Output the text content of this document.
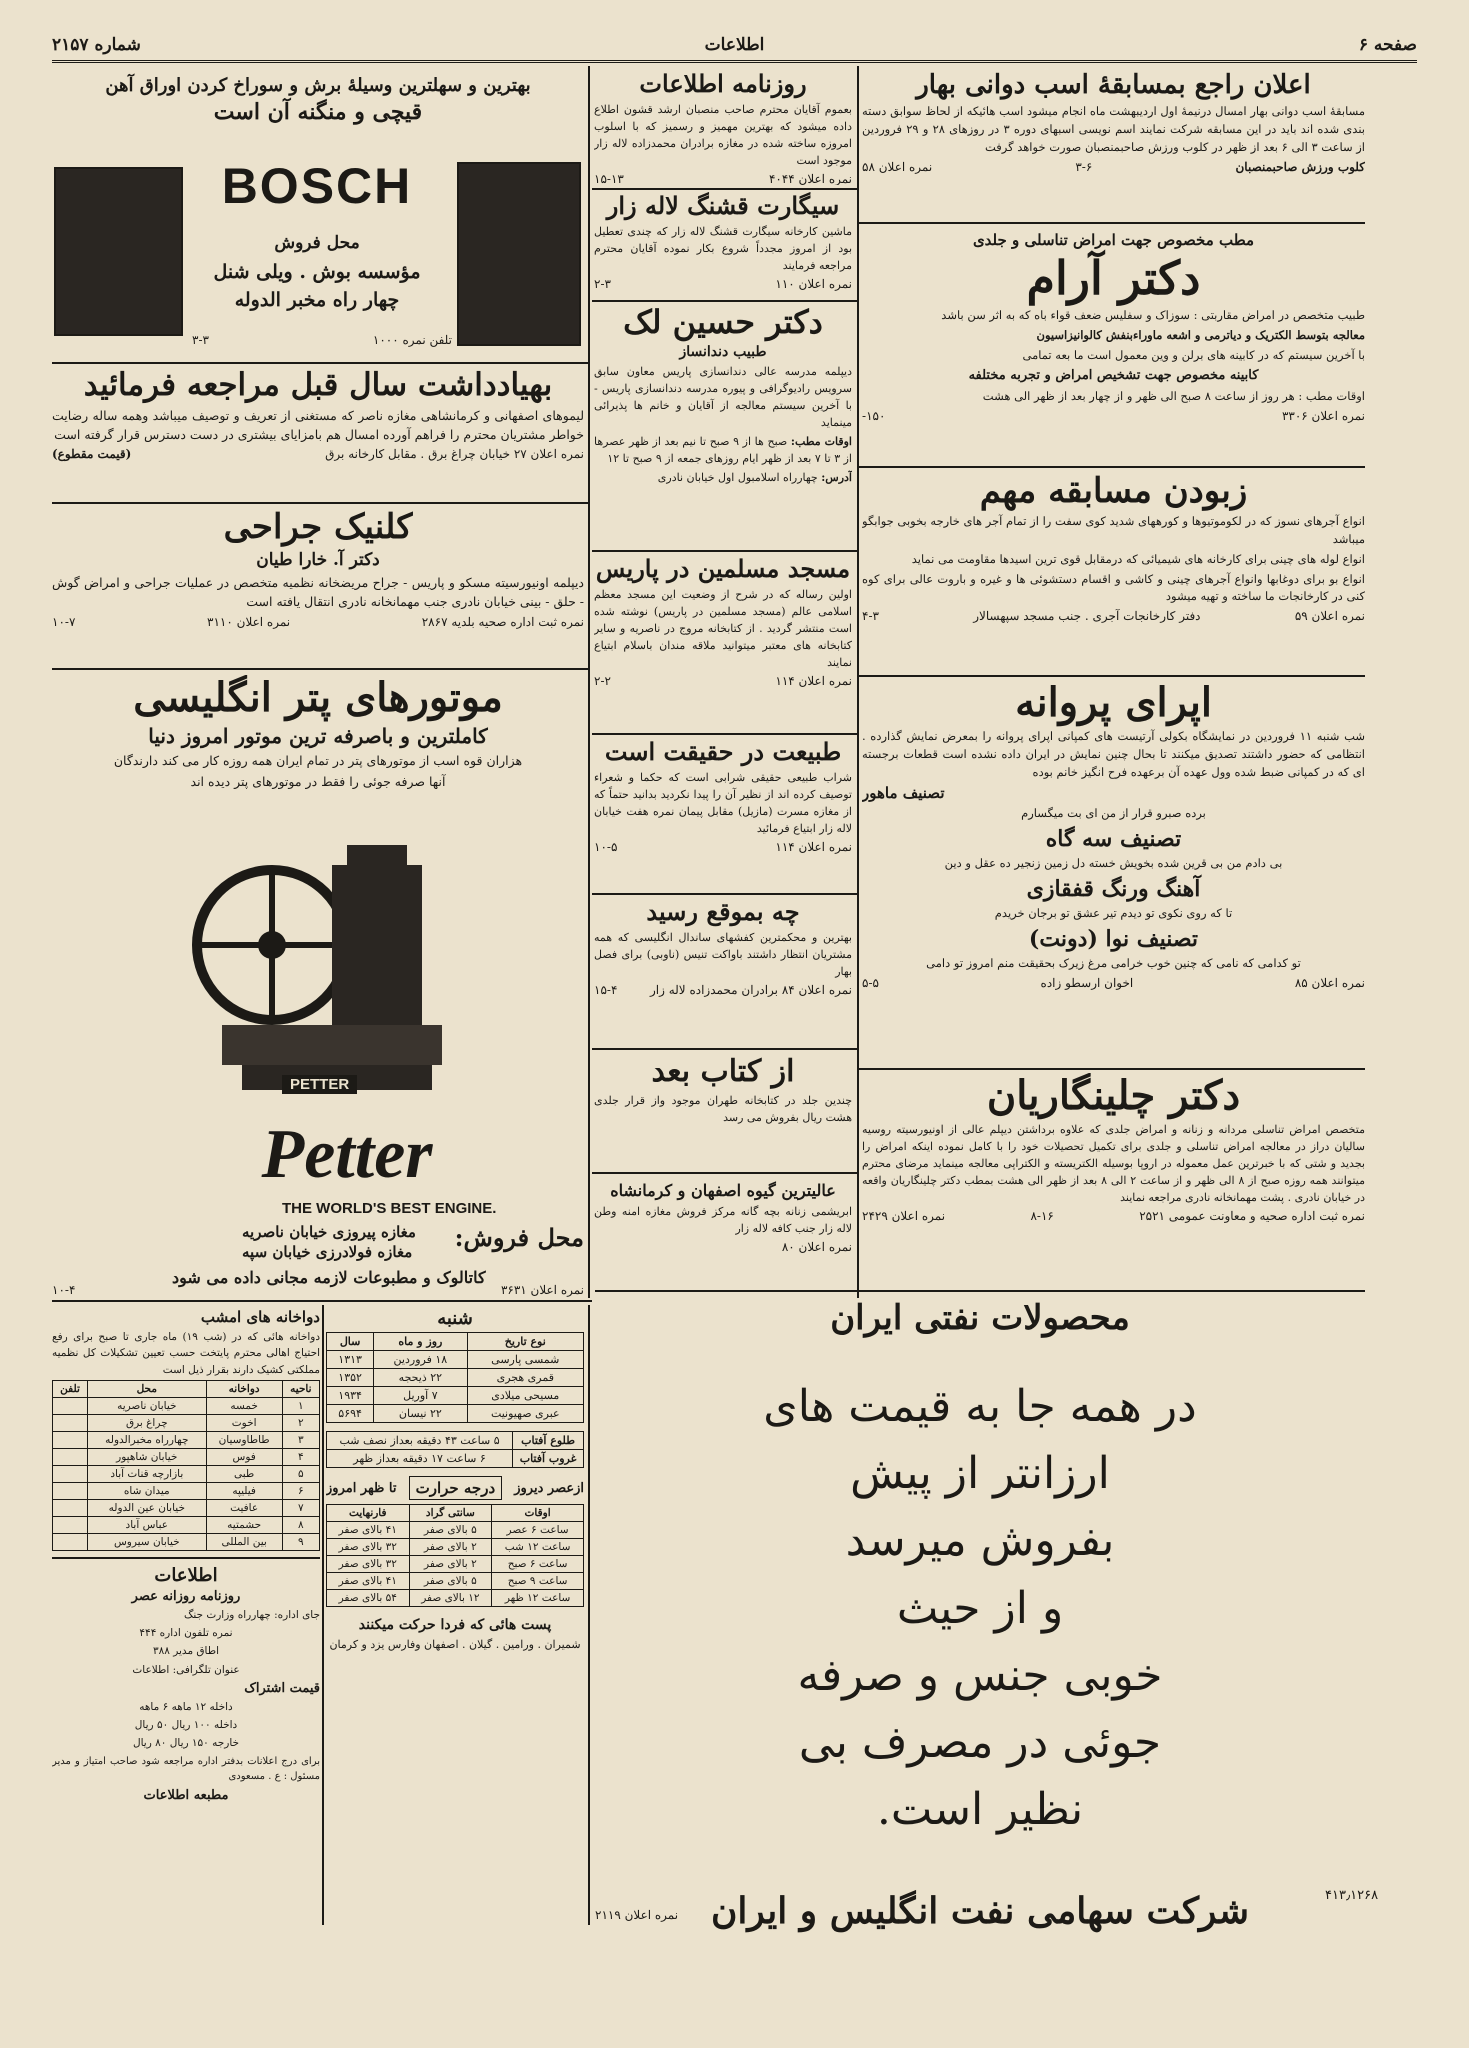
صفحه ۶
اطلاعات
شماره ۲۱۵۷
بهترین و سهلترین وسیلهٔ برش و سوراخ کردن اوراق آهن
قیچی و منگنه آن است
BOSCH
محل فروش
مؤسسه بوش . ویلی شنل
چهار راه مخبر الدوله
تلفن نمره ۱۰۰۰
۳-۳
بهیادداشت سال قبل مراجعه فرمائید

لیموهای اصفهانی و کرمانشاهی مغازه ناصر که مستغنی از تعریف و توصیف میباشد وهمه ساله رضایت خواطر مشتریان محترم را فراهم آورده امسال هم بامزایای بیشتری در دست دسترس قرار گرفته است

نمره اعلان ۲۷ خیابان چراغ برق . مقابل کارخانه برق
(قیمت مقطوع)
کلنیک جراحی
دکتر آ. خارا طیان

دیپلمه اونیورسیته مسکو و پاریس - جراح مریضخانه نظمیه متخصص در عملیات جراحی و امراض گوش - حلق - بینی خیابان نادری جنب مهمانخانه نادری انتقال یافته است

نمره ثبت اداره صحیه بلدیه ۲۸۶۷
نمره اعلان ۳۱۱۰
۱۰-۷
موتورهای پتر انگلیسی
کاملترین و باصرفه ترین موتور امروز دنیا

هزاران قوه اسب از موتورهای پتر در تمام ایران همه روزه کار می کند دارندگان

آنها صرفه جوئی را فقط در موتورهای پتر دیده اند

PETTER
Petter
THE WORLD'S BEST ENGINE.
محل فروش:
مغازه پیروزی خیابان ناصریه
مغازه فولادرزی خیابان سپه
کاتالوک و مطبوعات لازمه مجانی داده می شود
نمره اعلان ۳۶۳۱
۱۰-۴
روزنامه اطلاعات

بعموم آقایان محترم صاحب منصبان ارشد قشون اطلاع داده میشود که بهترین مهمیز و رسمیز که با اسلوب امروزه ساخته شده در مغازه برادران محمدزاده لاله زار موجود است

نمره اعلان ۴۰۴۴
۱۵-۱۳
سیگارت قشنگ لاله زار

ماشین کارخانه سیگارت قشنگ لاله زار که چندی تعطیل بود از امروز مجدداً شروع بکار نموده آقایان محترم مراجعه فرمایند

نمره اعلان ۱۱۰
۲-۳
دکتر حسین لک
طبیب دندانساز

دیپلمه مدرسه عالی دندانسازی پاریس معاون سابق سرویس رادیوگرافی و پیوره مدرسه دندانسازی پاریس - با آخرین سیستم معالجه از آقایان و خانم ها پذیرائی مینماید

اوقات مطب: صبح ها از ۹ صبح تا نیم بعد از ظهر عصرها از ۳ تا ۷ بعد از ظهر ایام روزهای جمعه از ۹ صبح تا ۱۲

آدرس: چهارراه اسلامبول اول خیابان نادری

مسجد مسلمین در پاریس

اولین رساله که در شرح از وضعیت این مسجد معظم اسلامی عالم (مسجد مسلمین در پاریس) نوشته شده است منتشر گردید . از کتابخانه مروج در ناصریه و سایر کتابخانه های معتبر میتوانید ملاقه مندان باسلام ابتیاع نمایند

نمره اعلان ۱۱۴
۲-۲
طبیعت در حقیقت است

شراب طبیعی حقیقی شرابی است که حکما و شعراء توصیف کرده اند از نظیر آن را پیدا نکردید بدانید حتماً که از مغازه مسرت (مازیل) مقابل پیمان نمره هفت خیابان لاله زار ابتیاع فرمائید

نمره اعلان ۱۱۴
۱۰-۵
چه بموقع رسید

بهترین و محکمترین کفشهای ساندال انگلیسی که همه مشتریان انتظار داشتند باواکت تنیس (ناوبی) برای فصل بهار

نمره اعلان ۸۴ برادران محمدزاده لاله زار
۱۵-۴
از کتاب بعد

چندین جلد در کتابخانه طهران موجود واز قرار جلدی هشت ریال بفروش می رسد

عالیترین گیوه اصفهان و کرمانشاه

ابریشمی زنانه بچه گانه مرکز فروش مغازه امنه وطن لاله زار جنب کافه لاله زار

نمره اعلان ۸۰
اعلان راجع بمسابقهٔ اسب دوانی بهار

مسابقهٔ اسب دوانی بهار امسال درنیمهٔ اول اردیبهشت ماه انجام میشود اسب هائیکه از لحاظ سوابق دسته بندی شده اند باید در این مسابقه شرکت نمایند اسم نویسی اسبهای دوره ۳ در روزهای ۲۸ و ۲۹ فروردین از ساعت ۳ الی ۶ بعد از ظهر در کلوب ورزش صاحبمنصبان صورت خواهد گرفت

کلوب ورزش صاحبمنصبان
۳-۶
نمره اعلان ۵۸
مطب مخصوص جهت امراض تناسلی و جلدی
دکتر آرام

طبیب متخصص در امراض مقاربتی : سوزاک و سفلیس ضعف قواء باه که به اثر سن باشد

معالجه بتوسط الکتریک و دیاترمی و اشعه ماوراءبنفش کالوانیزاسیون

با آخرین سیستم که در کابینه های برلن و وین معمول است ما بعه تمامی

کابینه مخصوص جهت تشخیص امراض و تجربه مختلفه

اوقات مطب : هر روز از ساعت ۸ صبح الی ظهر و از چهار بعد از ظهر الی هشت

نمره اعلان ۳۳۰۶
۱۵۰-
زبودن مسابقه مهم

انواع آجرهای نسوز که در لکوموتیوها و کورههای شدید کوی سفت را از تمام آجر های خارجه بخوبی جوابگو میباشد

انواع لوله های چینی برای کارخانه های شیمیائی که درمقابل قوی ترین اسیدها مقاومت می نماید

انواع بو برای دوغابها وانواع آجرهای چینی و کاشی و اقسام دستشوئی ها و غیره و باروت عالی برای کوه کنی در کارخانجات ما ساخته و تهیه میشود

نمره اعلان ۵۹
دفتر کارخانجات آجری . جنب مسجد سپهسالار
۴-۳
اپرای پروانه

شب شنبه ۱۱ فروردین در نمایشگاه بکولی آرتیست های کمپانی اپرای پروانه را بمعرض نمایش گذارده . انتظامی که حضور داشتند تصدیق میکنند تا بحال چنین نمایش در ایران داده نشده است قطعات برجسته ای که در کمپانی ضبط شده وول عهده آن برعهده فرح انگیز خانم بوده

تصنیف ماهور

برده صبرو قرار از من ای بت میگسارم

تصنیف سه گاه

بی دادم من بی قرین شده بخویش خسته دل زمین زنجیر ده عقل و دین

آهنگ ورنگ قفقازی

تا که روی نکوی تو دیدم تیر عشق تو برجان خریدم

تصنیف نوا (دونت)

تو کدامی که نامی که چنین خوب خرامی مرغ زیرک بحقیقت منم امروز تو دامی

نمره اعلان ۸۵
اخوان ارسطو زاده
۵-۵
دکتر چلینگاریان

متخصص امراض تناسلی مردانه و زنانه و امراض جلدی که علاوه برداشتن دیپلم عالی از اونیورسیته روسیه سالیان دراز در معالجه امراض تناسلی و جلدی برای تکمیل تحصیلات خود را با کامل نموده اینکه امراض را بجدید و شتی که با خبرترین عمل معموله در اروپا بوسیله الکتریسته و الکتراپی معالجه مینماید مرضای محترم میتوانند همه روزه صبح از ۸ الی ظهر و از ساعت ۲ الی ۸ بعد از ظهر الی هشت بمطب دکتر چلینگاریان واقعه در خیابان نادری . پشت مهمانخانه نادری مراجعه نمایند

نمره ثبت اداره صحیه و معاونت عمومی ۲۵۲۱
۸-۱۶
نمره اعلان ۲۴۲۹
محصولات نفتی ایران
در همه جا به قیمت های
ارزانتر از پیش
بفروش میرسد
و از حیث
خوبی جنس و صرفه
جوئی در مصرف بی
نظیر است.
شرکت سهامی نفت انگلیس و ایران
نمره اعلان ۲۱۱۹
۴۱۳٫۱۲۶۸
دواخانه های امشب

دواخانه هائی که در (شب ۱۹) ماه جاری تا صبح برای رفع احتیاج اهالی محترم پایتخت حسب تعیین تشکیلات کل نظمیه مملکتی کشیک دارند بقرار ذیل است

ناحیه	دواخانه	محل	تلفن
۱	خمسه	خیابان ناصریه	
۲	اخوت	چراغ برق	
۳	طاطاوسیان	چهارراه مخبرالدوله	
۴	فوس	خیابان شاهپور	
۵	طبی	بازارچه قنات آباد	
۶	فیلیپه	میدان شاه	
۷	عافیت	خیابان عین الدوله	
۸	حشمتیه	عباس آباد	
۹	بین المللی	خیابان سیروس	
اطلاعات
روزنامه روزانه عصر

جای اداره: چهارراه وزارت جنگ

نمره تلفون اداره ۴۴۴

اطاق مدیر ۳۸۸

عنوان تلگرافی: اطلاعات

قیمت اشتراک

داخله ۱۲ ماهه ۶ ماهه

داخله ۱۰۰ ریال ۵۰ ریال

خارجه ۱۵۰ ریال ۸۰ ریال

برای درج اعلانات بدفتر اداره مراجعه شود صاحب امتیاز و مدیر مسئول : ع . مسعودی

مطبعه اطلاعات
شنبه
نوع تاریخ	روز و ماه	سال
شمسی پارسی	۱۸ فروردین	۱۳۱۳
قمری هجری	۲۲ ذیحجه	۱۳۵۲
مسیحی میلادی	۷ آوریل	۱۹۳۴
عبری صهیونیت	۲۲ نیسان	۵۶۹۴
طلوع آفتاب	۵ ساعت ۴۳ دقیقه بعداز نصف شب
غروب آفتاب	۶ ساعت ۱۷ دقیقه بعداز ظهر
ازعصر دیروز
درجه حرارت
تا ظهر امروز
اوقات	سانتی گراد	فارنهایت
ساعت ۶ عصر	۵ بالای صفر	۴۱ بالای صفر
ساعت ۱۲ شب	۲ بالای صفر	۳۲ بالای صفر
ساعت ۶ صبح	۲ بالای صفر	۳۲ بالای صفر
ساعت ۹ صبح	۵ بالای صفر	۴۱ بالای صفر
ساعت ۱۲ ظهر	۱۲ بالای صفر	۵۴ بالای صفر
پست هائی که فردا حرکت میکنند

شمیران . ورامین . گیلان . اصفهان وفارس یزد و کرمان
